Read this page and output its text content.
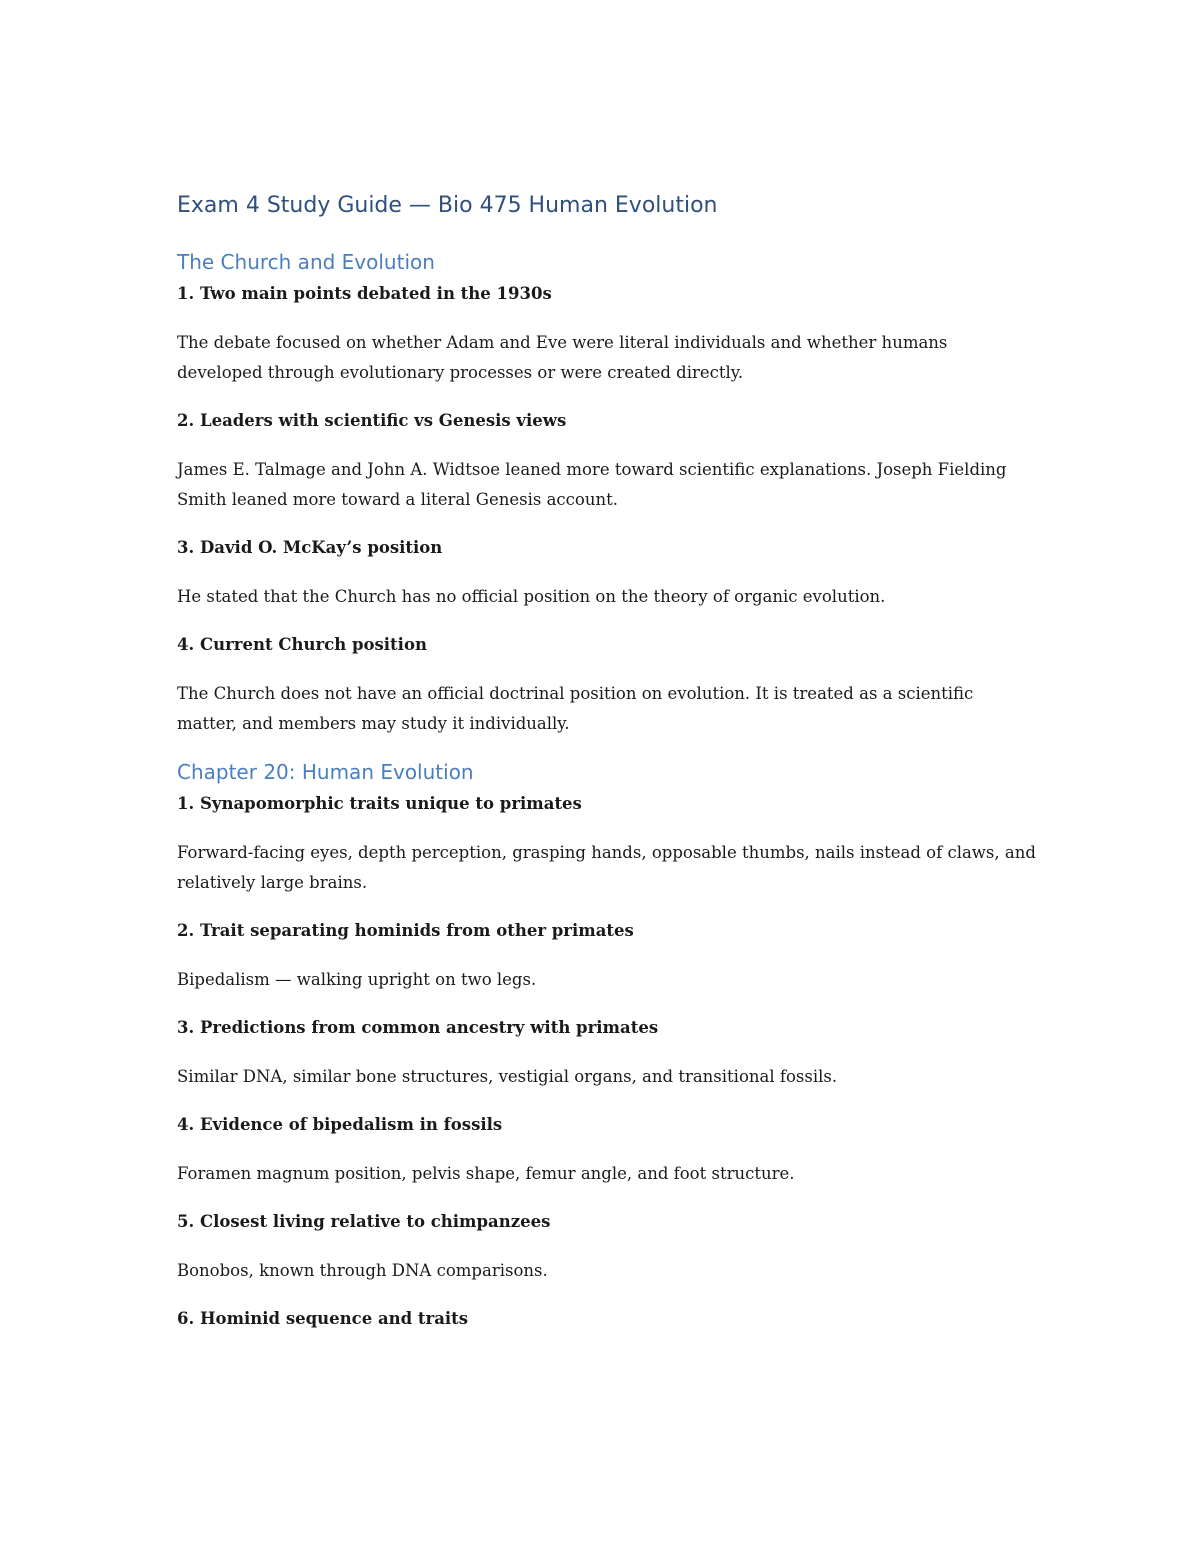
Exam 4 Study Guide — Bio 475 Human Evolution
The Church and Evolution

1. Two main points debated in the 1930s

The debate focused on whether Adam and Eve were literal individuals and whether humans developed through evolutionary processes or were created directly.

2. Leaders with scientific vs Genesis views

James E. Talmage and John A. Widtsoe leaned more toward scientific explanations. Joseph Fielding Smith leaned more toward a literal Genesis account.

3. David O. McKay’s position

He stated that the Church has no official position on the theory of organic evolution.

4. Current Church position

The Church does not have an official doctrinal position on evolution. It is treated as a scientific matter, and members may study it individually.

Chapter 20: Human Evolution

1. Synapomorphic traits unique to primates

Forward-facing eyes, depth perception, grasping hands, opposable thumbs, nails instead of claws, and relatively large brains.

2. Trait separating hominids from other primates

Bipedalism — walking upright on two legs.

3. Predictions from common ancestry with primates

Similar DNA, similar bone structures, vestigial organs, and transitional fossils.

4. Evidence of bipedalism in fossils

Foramen magnum position, pelvis shape, femur angle, and foot structure.

5. Closest living relative to chimpanzees

Bonobos, known through DNA comparisons.

6. Hominid sequence and traits
